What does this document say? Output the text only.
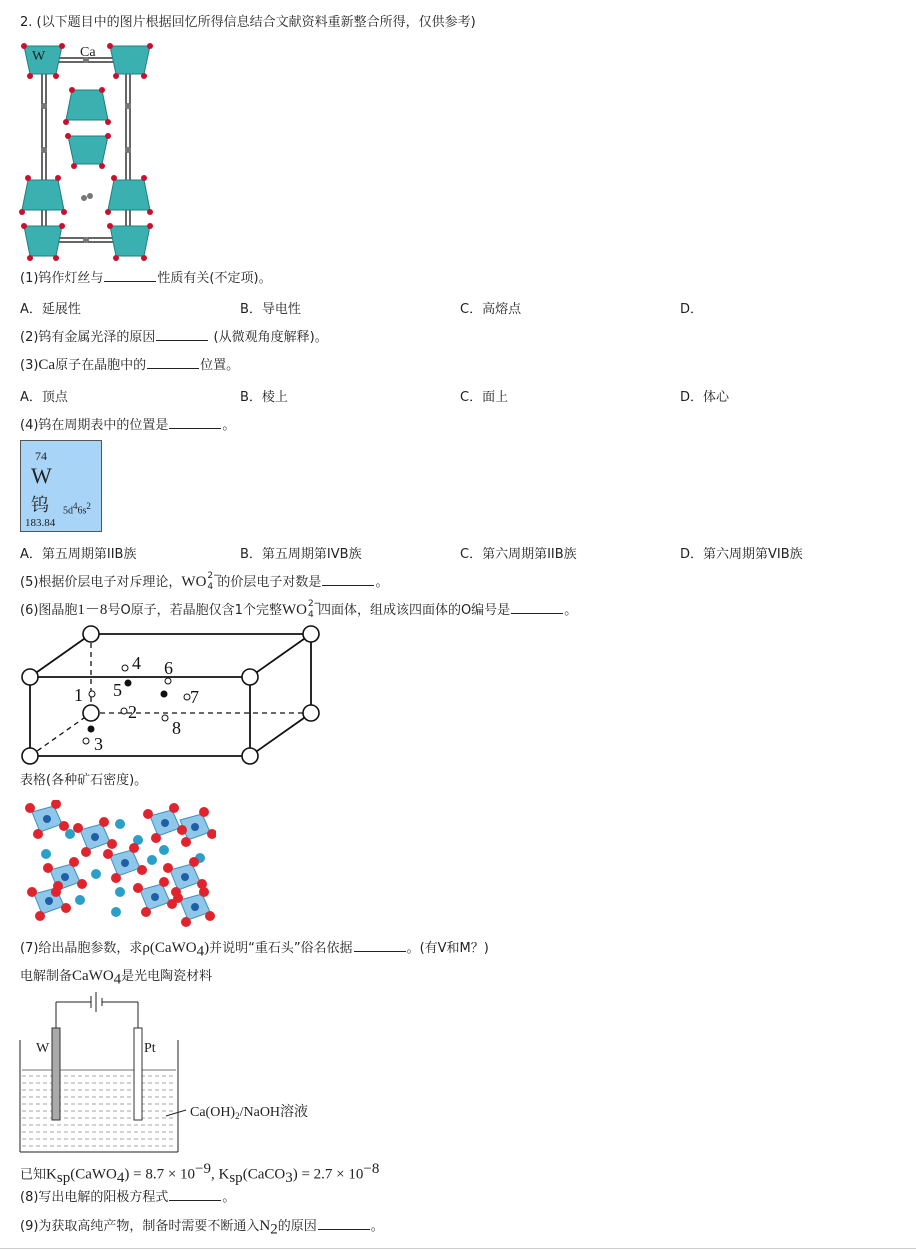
2. (以下题目中的图片根据回忆所得信息结合文献资料重新整合所得，仅供参考)
W Ca
(1)钨作灯丝与	性质有关(不定项)。
A．延展性	B．导电性	C．高熔点	D．
(2)钨有金属光泽的原因	(从微观角度解释)。
(3)Ca原子在晶胞中的	位置。
A．顶点	B．棱上	C．面上	D．体心
(4)钨在周期表中的位置是	。
74
W
钨 $5d^46s^2$
183.84
A．第五周期第IIB族	B．第五周期第IVB族	C．第六周期第IIB族	D．第六周期第VIB族
(5)根据价层电子对斥理论，WO 2−
4 的价层电子对数是	。
(6)图晶胞1－8号O原子，若晶胞仅含1个完整WO 2−
4 四面体，组成该四面体的O编号是	。
1
2
3
4
5
6
7
8
表格(各种矿石密度)。
(7)给出晶胞参数，求ρ(CaWO$_4$)并说明“重石头”俗名依据	。(有V和M？)
电解制备CaWO$_4$是光电陶瓷材料
W	Pt
$Ca(OH)_2$/NaOH溶液
已知$K_{sp}(CaWO_4) = 8.7 \times 10^{-9}$, $K_{sp}(CaCO_3) = 2.7 \times 10^{-8}$
(8)写出电解的阳极方程式	。
(9)为获取高纯产物，制备时需要不断通入$N_2$的原因	。
